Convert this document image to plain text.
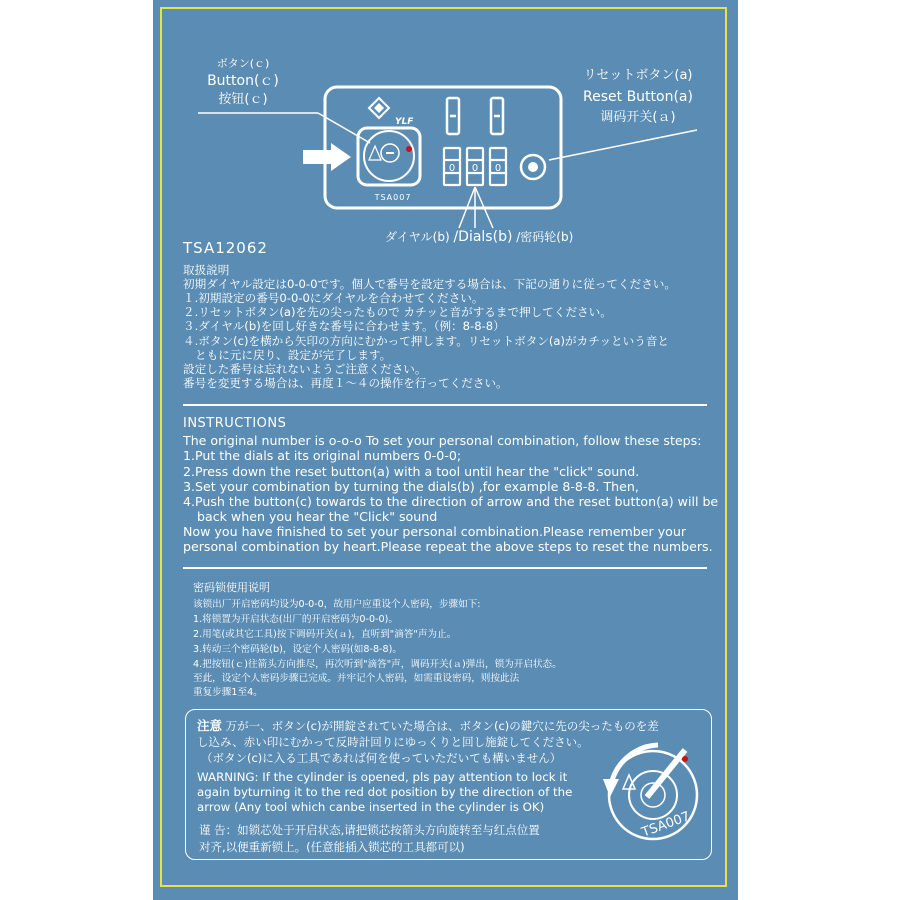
YLF
0 0 0
TSA007
ボタン(ｃ)
Button(ｃ)
按钮(ｃ)
リセットボタン(a)
Reset Button(a)
调码开关(ａ)
ダイヤル(b) /Dials(b) /密码轮(b)
TSA12062
取扱説明
初期ダイヤル設定は0-0-0です。個人で番号を設定する場合は、下記の通りに従ってください。
１.初期設定の番号0-0-0にダイヤルを合わせてください。
２.リセットボタン(a)を先の尖ったもので カチッと音がするまで押してください。
３.ダイヤル(b)を回し好きな番号に合わせます。（例：8-8-8）
４.ボタン(c)を横から矢印の方向にむかって押します。リセットボタン(a)がカチッという音と
ともに元に戻り、設定が完了します。
設定した番号は忘れないようご注意ください。
番号を変更する場合は、再度１～４の操作を行ってください。
INSTRUCTIONS
The original number is o-o-o To set your personal combination, follow these steps:
1.Put the dials at its original numbers 0-0-0;
2.Press down the reset button(a) with a tool until hear the "click" sound.
3.Set your combination by turning the dials(b) ,for example 8-8-8. Then,
4.Push the button(c) towards to the direction of arrow and the reset button(a) will be
back when you hear the "Click" sound
Now you have finished to set your personal combination.Please remember your
personal combination by heart.Please repeat the above steps to reset the numbers.
密码锁使用说明
该锁出厂开启密码均设为0-0-0，故用户应重设个人密码，步骤如下:
1.将锁置为开启状态(出厂的开启密码为0-0-0)。
2.用笔(或其它工具)按下调码开关(ａ)，直听到"滴答"声为止。
3.转动三个密码轮(b)，设定个人密码(如8-8-8)。
4.把按钮(ｃ)往箭头方向推尽，再次听到"滴答"声，调码开关(ａ)弹出，锁为开启状态。
至此，设定个人密码步骤已完成。并牢记个人密码，如需重设密码，则按此法
重复步骤1至4。
注意 万が一、ボタン(c)が開錠されていた場合は、ボタン(c)の鍵穴に先の尖ったものを差
し込み、赤い印にむかって反時計回りにゆっくりと回し施錠してください。
（ボタン(c)に入る工具であれば何を使っていただいても構いません）
WARNING: If the cylinder is opened, pls pay attention to lock it
again byturning it to the red dot position by the direction of the
arrow (Any tool which canbe inserted in the cylinder is OK)
谨 告：如锁芯处于开启状态,请把锁芯按箭头方向旋转至与红点位置
对齐,以便重新锁上。(任意能插入锁芯的工具都可以)
TSA007
